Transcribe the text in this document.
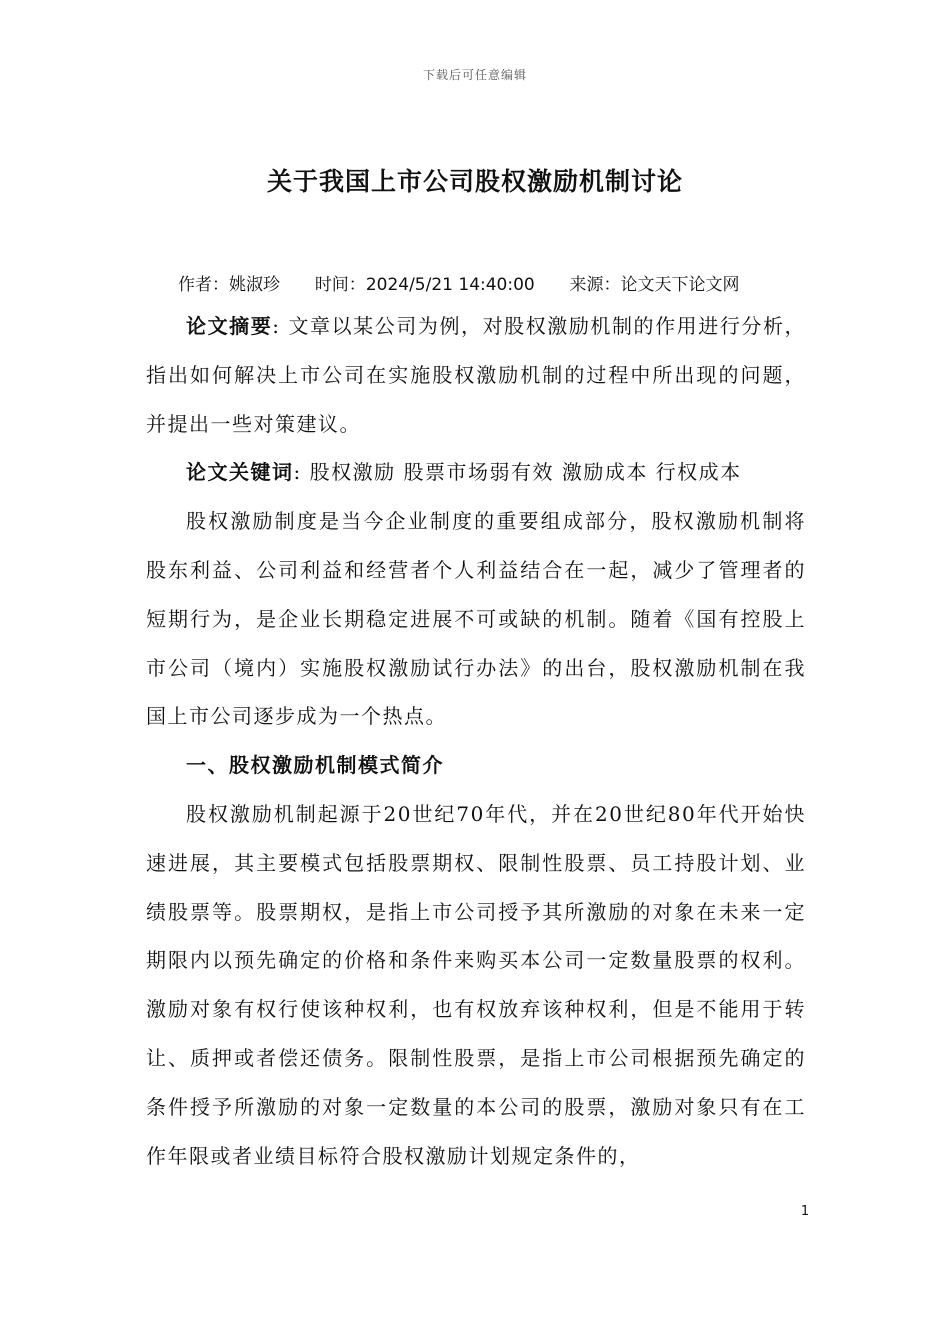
下载后可任意编辑
关于我国上市公司股权激励机制讨论
作者：姚淑珍 时间：2024/5/21 14:40:00 来源：论文天下论文网

论文摘要: 文章以某公司为例，对股权激励机制的作用进行分析，指出如何解决上市公司在实施股权激励机制的过程中所出现的问题，并提出一些对策建议。

论文关键词: 股权激励 股票市场弱有效 激励成本 行权成本

股权激励制度是当今企业制度的重要组成部分，股权激励机制将股东利益、公司利益和经营者个人利益结合在一起，减少了管理者的短期行为，是企业长期稳定进展不可或缺的机制。随着《国有控股上市公司（境内）实施股权激励试行办法》的出台，股权激励机制在我国上市公司逐步成为一个热点。

一、股权激励机制模式简介

股权激励机制起源于20世纪70年代，并在20世纪80年代开始快速进展，其主要模式包括股票期权、限制性股票、员工持股计划、业绩股票等。股票期权，是指上市公司授予其所激励的对象在未来一定期限内以预先确定的价格和条件来购买本公司一定数量股票的权利。激励对象有权行使该种权利，也有权放弃该种权利，但是不能用于转让、质押或者偿还债务。限制性股票，是指上市公司根据预先确定的条件授予所激励的对象一定数量的本公司的股票，激励对象只有在工作年限或者业绩目标符合股权激励计划规定条件的，

1
